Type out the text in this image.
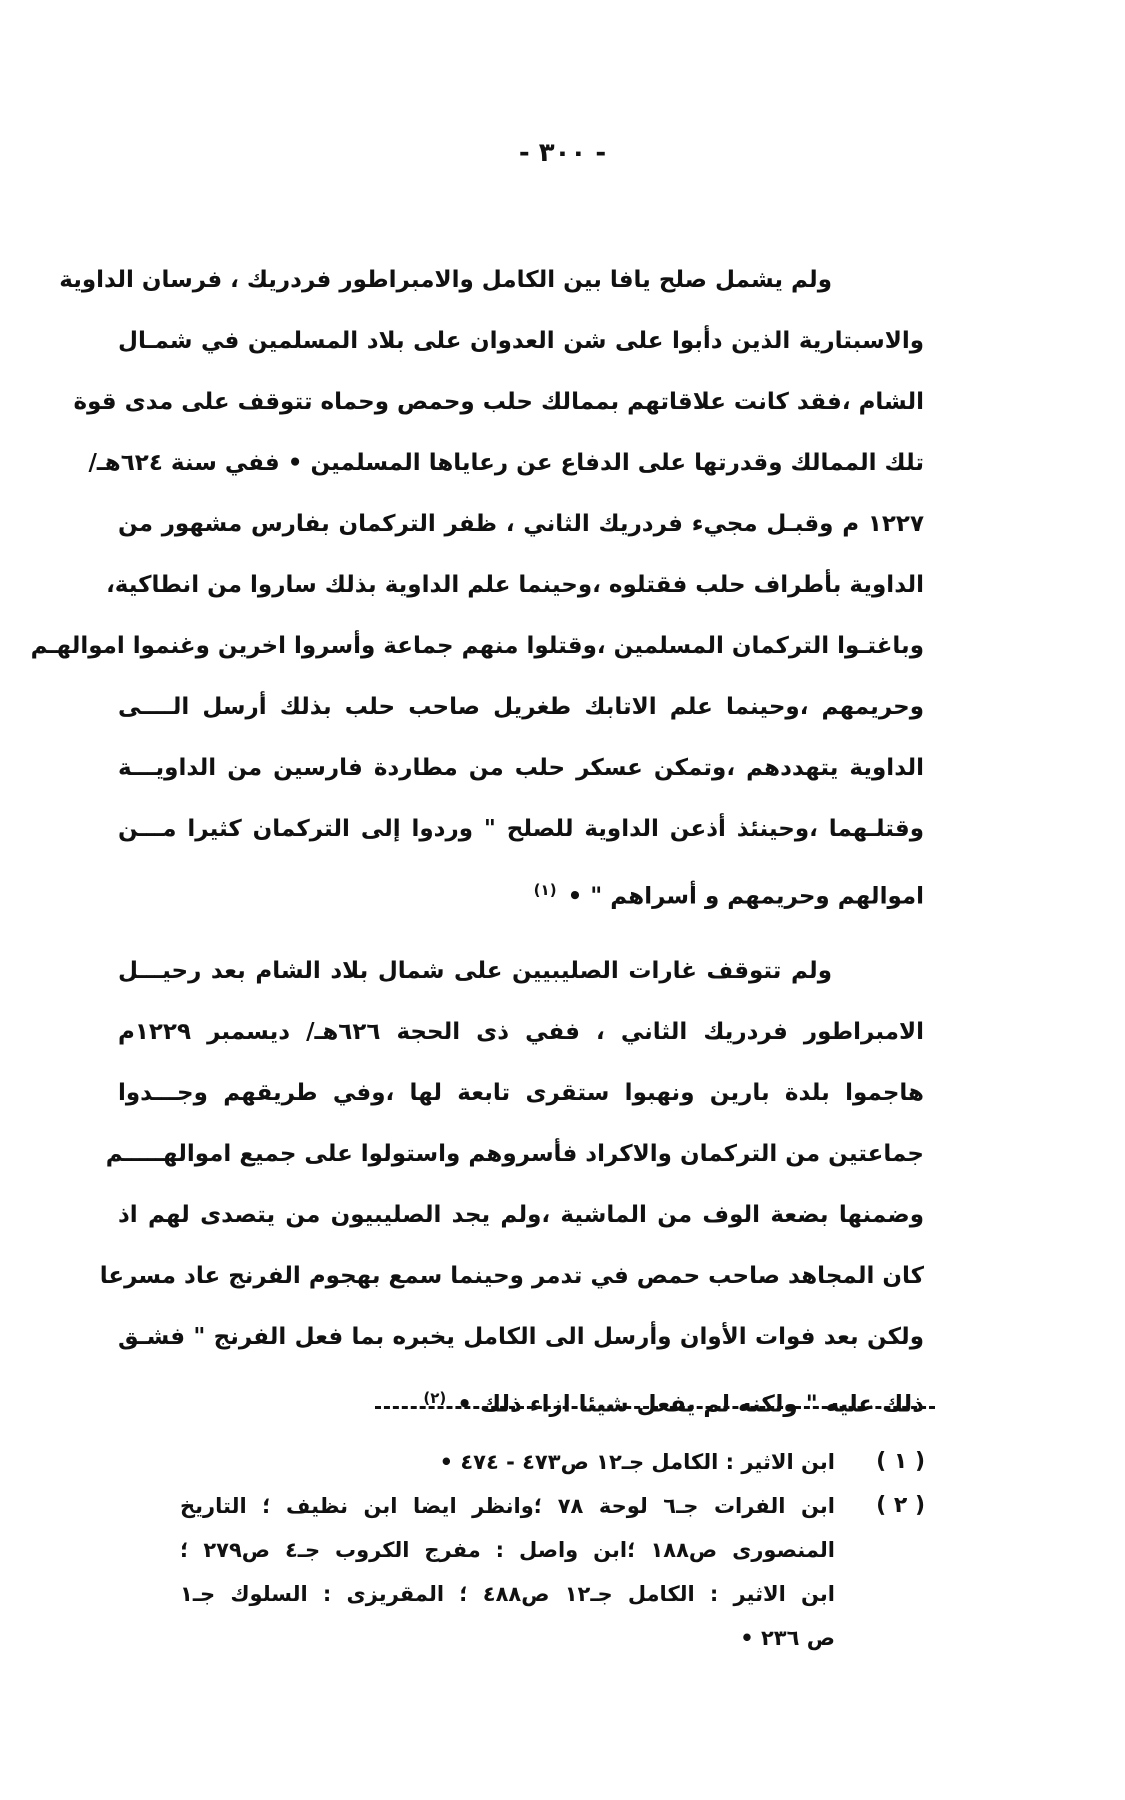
- ٣٠٠ -
ولم يشمل صلح يافا بين الكامل والامبراطور فردريك ، فرسان الداوية
والاسبتارية الذين دأبوا على شن العدوان على بلاد المسلمين في شمـال
الشام ،فقد كانت علاقاتهم بممالك حلب وحمص وحماه تتوقف على مدى قوة
تلك الممالك وقدرتها على الدفاع عن رعاياها المسلمين • ففي سنة ٦٢٤هـ/
١٢٢٧ م وقبـل مجيء فردريك الثاني ، ظفر التركمان بفارس مشهور من
الداوية بأطراف حلب فقتلوه ،وحينما علم الداوية بذلك ساروا من انطاكية،
وباغتـوا التركمان المسلمين ،وقتلوا منهم جماعة وأسروا اخرين وغنموا اموالهـم
وحريمهم ،وحينما علم الاتابك طغريل صاحب حلب بذلك أرسل الــــى
الداوية يتهددهم ،وتمكن عسكر حلب من مطاردة فارسين من الداويـــة
وقتلـهما ،وحينئذ أذعن الداوية للصلح " وردوا إلى التركمان كثيرا مـــن
اموالهم وحريمهم و أسراهم " • $^{(١)}$
ولم تتوقف غارات الصليبيين على شمال بلاد الشام بعد رحيـــل
الامبراطور فردريك الثاني ، ففي ذى الحجة ٦٢٦هـ/ ديسمبر ١٢٢٩م
هاجموا بلدة بارين ونهبوا ستقرى تابعة لها ،وفي طريقهم وجـــدوا
جماعتين من التركمان والاكراد فأسروهم واستولوا على جميع اموالهـــــم
وضمنها بضعة الوف من الماشية ،ولم يجد الصليبيون من يتصدى لهم اذ
كان المجاهد صاحب حمص في تدمر وحينما سمع بهجوم الفرنج عاد مسرعا
ولكن بعد فوات الأوان وأرسل الى الكامل يخبره بما فعل الفرنج " فشـق
ذلك عليه " ولكنه لم يفعل شيئا ازاء ذلك • $^{(٢)}$
( ١ )
ابن الاثير : الكامل جـ١٢ ص٤٧٣ - ٤٧٤ •
( ٢ )
ابن الفرات جـ٦ لوحة ٧٨ ؛وانظر ايضا ابن نظيف ؛ التاريخ
المنصورى ص١٨٨ ؛ابن واصل : مفرج الكروب جـ٤ ص٢٧٩ ؛
ابن الاثير : الكامل جـ١٢ ص٤٨٨ ؛ المقريزى : السلوك جـ١
ص ٢٣٦ •
